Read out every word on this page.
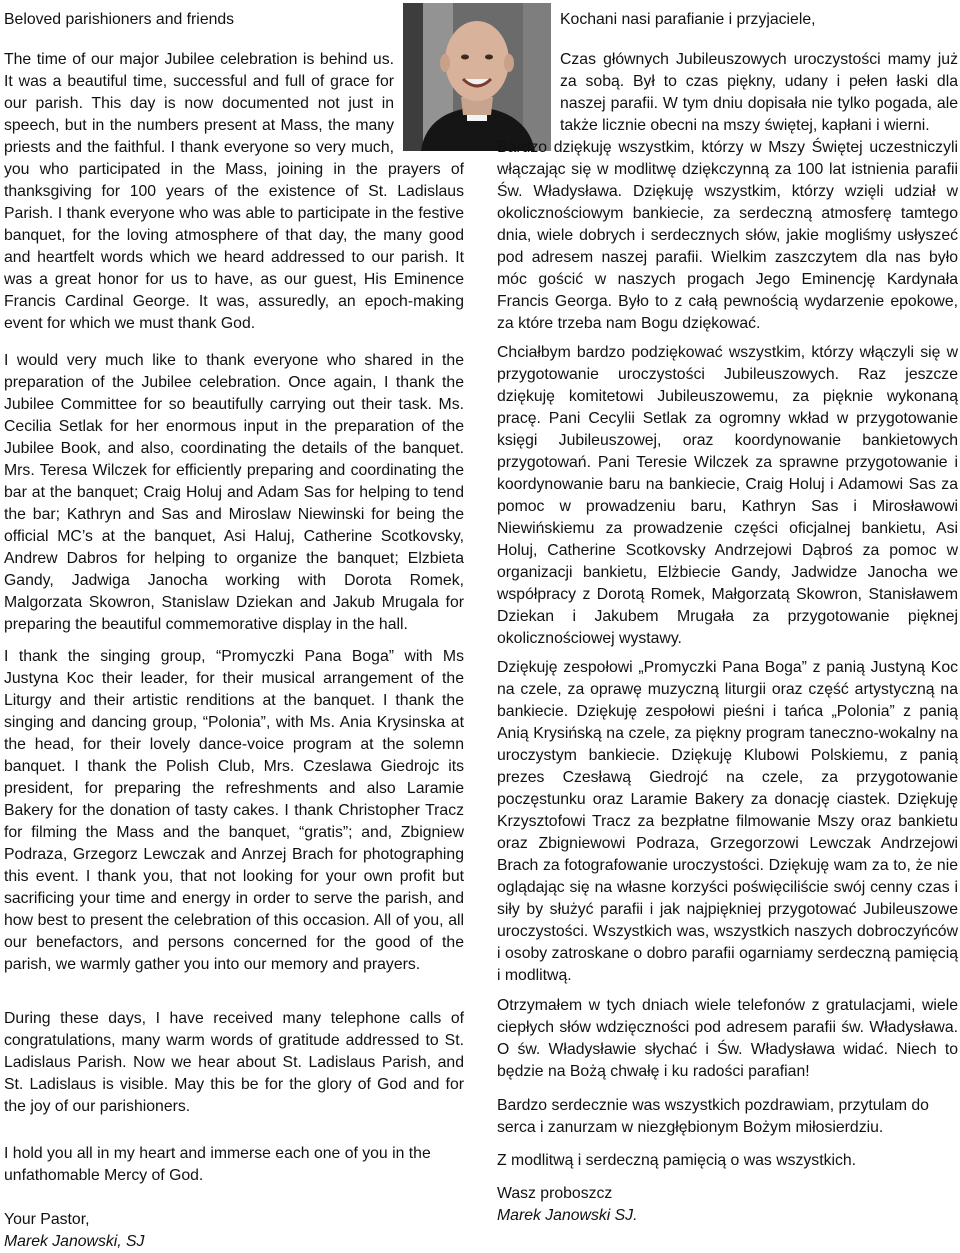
Beloved parishioners and friends

The time of our major Jubilee celebration is behind us. It was a beautiful time, successful and full of grace for our parish. This day is now documented not just in speech, but in the numbers present at Mass, the many priests and the faithful. I thank everyone so very much, you who participated in the Mass, joining in the prayers of thanksgiving for 100 years of the existence of St. Ladislaus Parish. I thank everyone who was able to participate in the festive banquet, for the loving atmosphere of that day, the many good and heartfelt words which we heard addressed to our parish. It was a great honor for us to have, as our guest, His Eminence Francis Cardinal George. It was, assuredly, an epoch-making event for which we must thank God.

I would very much like to thank everyone who shared in the preparation of the Jubilee celebration. Once again, I thank the Jubilee Committee for so beautifully carrying out their task. Ms. Cecilia Setlak for her enormous input in the preparation of the Jubilee Book, and also, coordinating the details of the banquet. Mrs. Teresa Wilczek for efficiently preparing and coordinating the bar at the banquet; Craig Holuj and Adam Sas for helping to tend the bar; Kathryn and Sas and Miroslaw Niewinski for being the official MC’s at the banquet, Asi Haluj, Catherine Scotkovsky, Andrew Dabros for helping to organize the banquet; Elzbieta Gandy, Jadwiga Janocha working with Dorota Romek, Malgorzata Skowron, Stanislaw Dziekan and Jakub Mrugala for preparing the beautiful commemorative display in the hall.

I thank the singing group, “Promyczki Pana Boga” with Ms Justyna Koc their leader, for their musical arrangement of the Liturgy and their artistic renditions at the banquet. I thank the singing and dancing group, “Polonia”, with Ms. Ania Krysinska at the head, for their lovely dance-voice program at the solemn banquet. I thank the Polish Club, Mrs. Czeslawa Giedrojc its president, for preparing the refreshments and also Laramie Bakery for the donation of tasty cakes. I thank Christopher Tracz for filming the Mass and the banquet, “gratis”; and, Zbigniew Podraza, Grzegorz Lewczak and Anrzej Brach for photographing this event. I thank you, that not looking for your own profit but sacrificing your time and energy in order to serve the parish, and how best to present the celebration of this occasion. All of you, all our benefactors, and persons concerned for the good of the parish, we warmly gather you into our memory and prayers.

During these days, I have received many telephone calls of congratulations, many warm words of gratitude addressed to St. Ladislaus Parish. Now we hear about St. Ladislaus Parish, and St. Ladislaus is visible. May this be for the glory of God and for the joy of our parishioners.

I hold you all in my heart and immerse each one of you in the unfathomable Mercy of God.

Your Pastor,

Marek Janowski, SJ

Kochani nasi parafianie i przyjaciele,

Czas głównych Jubileuszowych uroczystości mamy już za sobą. Był to czas piękny, udany i pełen łaski dla naszej parafii. W tym dniu dopisała nie tylko pogada, ale także licznie obecni na mszy świętej, kapłani i wierni.

Bardzo dziękuję wszystkim, którzy w Mszy Świętej uczestniczyli włączając się w modlitwę dziękczynną za 100 lat istnienia parafii Św. Władysława. Dziękuję wszystkim, którzy wzięli udział w okolicznościowym bankiecie, za serdeczną atmosferę tamtego dnia, wiele dobrych i serdecznych słów, jakie mogliśmy usłyszeć pod adresem naszej parafii. Wielkim zaszczytem dla nas było móc gościć w naszych progach Jego Eminencję Kardynała Francis Georga. Było to z całą pewnością wydarzenie epokowe, za które trzeba nam Bogu dziękować.

Chciałbym bardzo podziękować wszystkim, którzy włączyli się w przygotowanie uroczystości Jubileuszowych. Raz jeszcze dziękuję komitetowi Jubileuszowemu, za pięknie wykonaną pracę. Pani Cecylii Setlak za ogromny wkład w przygotowanie księgi Jubileuszowej, oraz koordynowanie bankietowych przygotowań. Pani Teresie Wilczek za sprawne przygotowanie i koordynowanie baru na bankiecie, Craig Holuj i Adamowi Sas za pomoc w prowadzeniu baru, Kathryn Sas i Mirosławowi Niewińskiemu za prowadzenie części oficjalnej bankietu, Asi Holuj, Catherine Scotkovsky Andrzejowi Dąbroś za pomoc w organizacji bankietu, Elżbiecie Gandy, Jadwidze Janocha we współpracy z Dorotą Romek, Małgorzatą Skowron, Stanisławem Dziekan i Jakubem Mrugała za przygotowanie pięknej okolicznościowej wystawy.

Dziękuję zespołowi „Promyczki Pana Boga” z panią Justyną Koc na czele, za oprawę muzyczną liturgii oraz część artystyczną na bankiecie. Dziękuję zespołowi pieśni i tańca „Polonia” z panią Anią Krysińską na czele, za piękny program taneczno-wokalny na uroczystym bankiecie. Dziękuję Klubowi Polskiemu, z panią prezes Czesławą Giedrojć na czele, za przygotowanie poczęstunku oraz Laramie Bakery za donację ciastek. Dziękuję Krzysztofowi Tracz za bezpłatne filmowanie Mszy oraz bankietu oraz Zbigniewowi Podraza, Grzegorzowi Lewczak Andrzejowi Brach za fotografowanie uroczystości. Dziękuję wam za to, że nie oglądając się na własne korzyści poświęciliście swój cenny czas i siły by służyć parafii i jak najpiękniej przygotować Jubileuszowe uroczystości. Wszystkich was, wszystkich naszych dobroczyńców i osoby zatroskane o dobro parafii ogarniamy serdeczną pamięcią i modlitwą.

Otrzymałem w tych dniach wiele telefonów z gratulacjami, wiele ciepłych słów wdzięczności pod adresem parafii św. Władysława. O św. Władysławie słychać i Św. Władysława widać. Niech to będzie na Bożą chwałę i ku radości parafian!

Bardzo serdecznie was wszystkich pozdrawiam, przytulam do serca i zanurzam w niezgłębionym Bożym miłosierdziu.

Z modlitwą i serdeczną pamięcią o was wszystkich.

Wasz proboszcz

Marek Janowski SJ.
